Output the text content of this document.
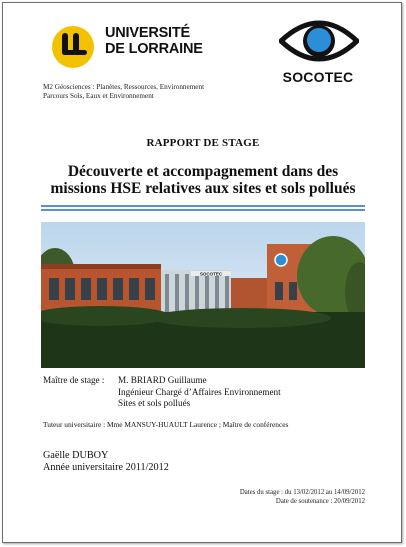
UNIVERSITÉ
DE LORRAINE
SOCOTEC
M2 Géosciences : Planètes, Ressources, Environnement
Parcours Sols, Eaux et Environnement
RAPPORT DE STAGE
Découverte et accompagnement dans des
missions HSE relatives aux sites et sols pollués
SOCOTEC
Maître de stage : M. BRIARD Guillaume
Ingénieur Chargé d’Affaires Environnement
Sites et sols pollués
Tuteur universitaire : Mme MANSUY-HUAULT Laurence ; Maître de conférences
Gaëlle DUBOY
Année universitaire 2011/2012
Dates du stage : du 13/02/2012 au 14/09/2012
Date de soutenance : 20/09/2012
